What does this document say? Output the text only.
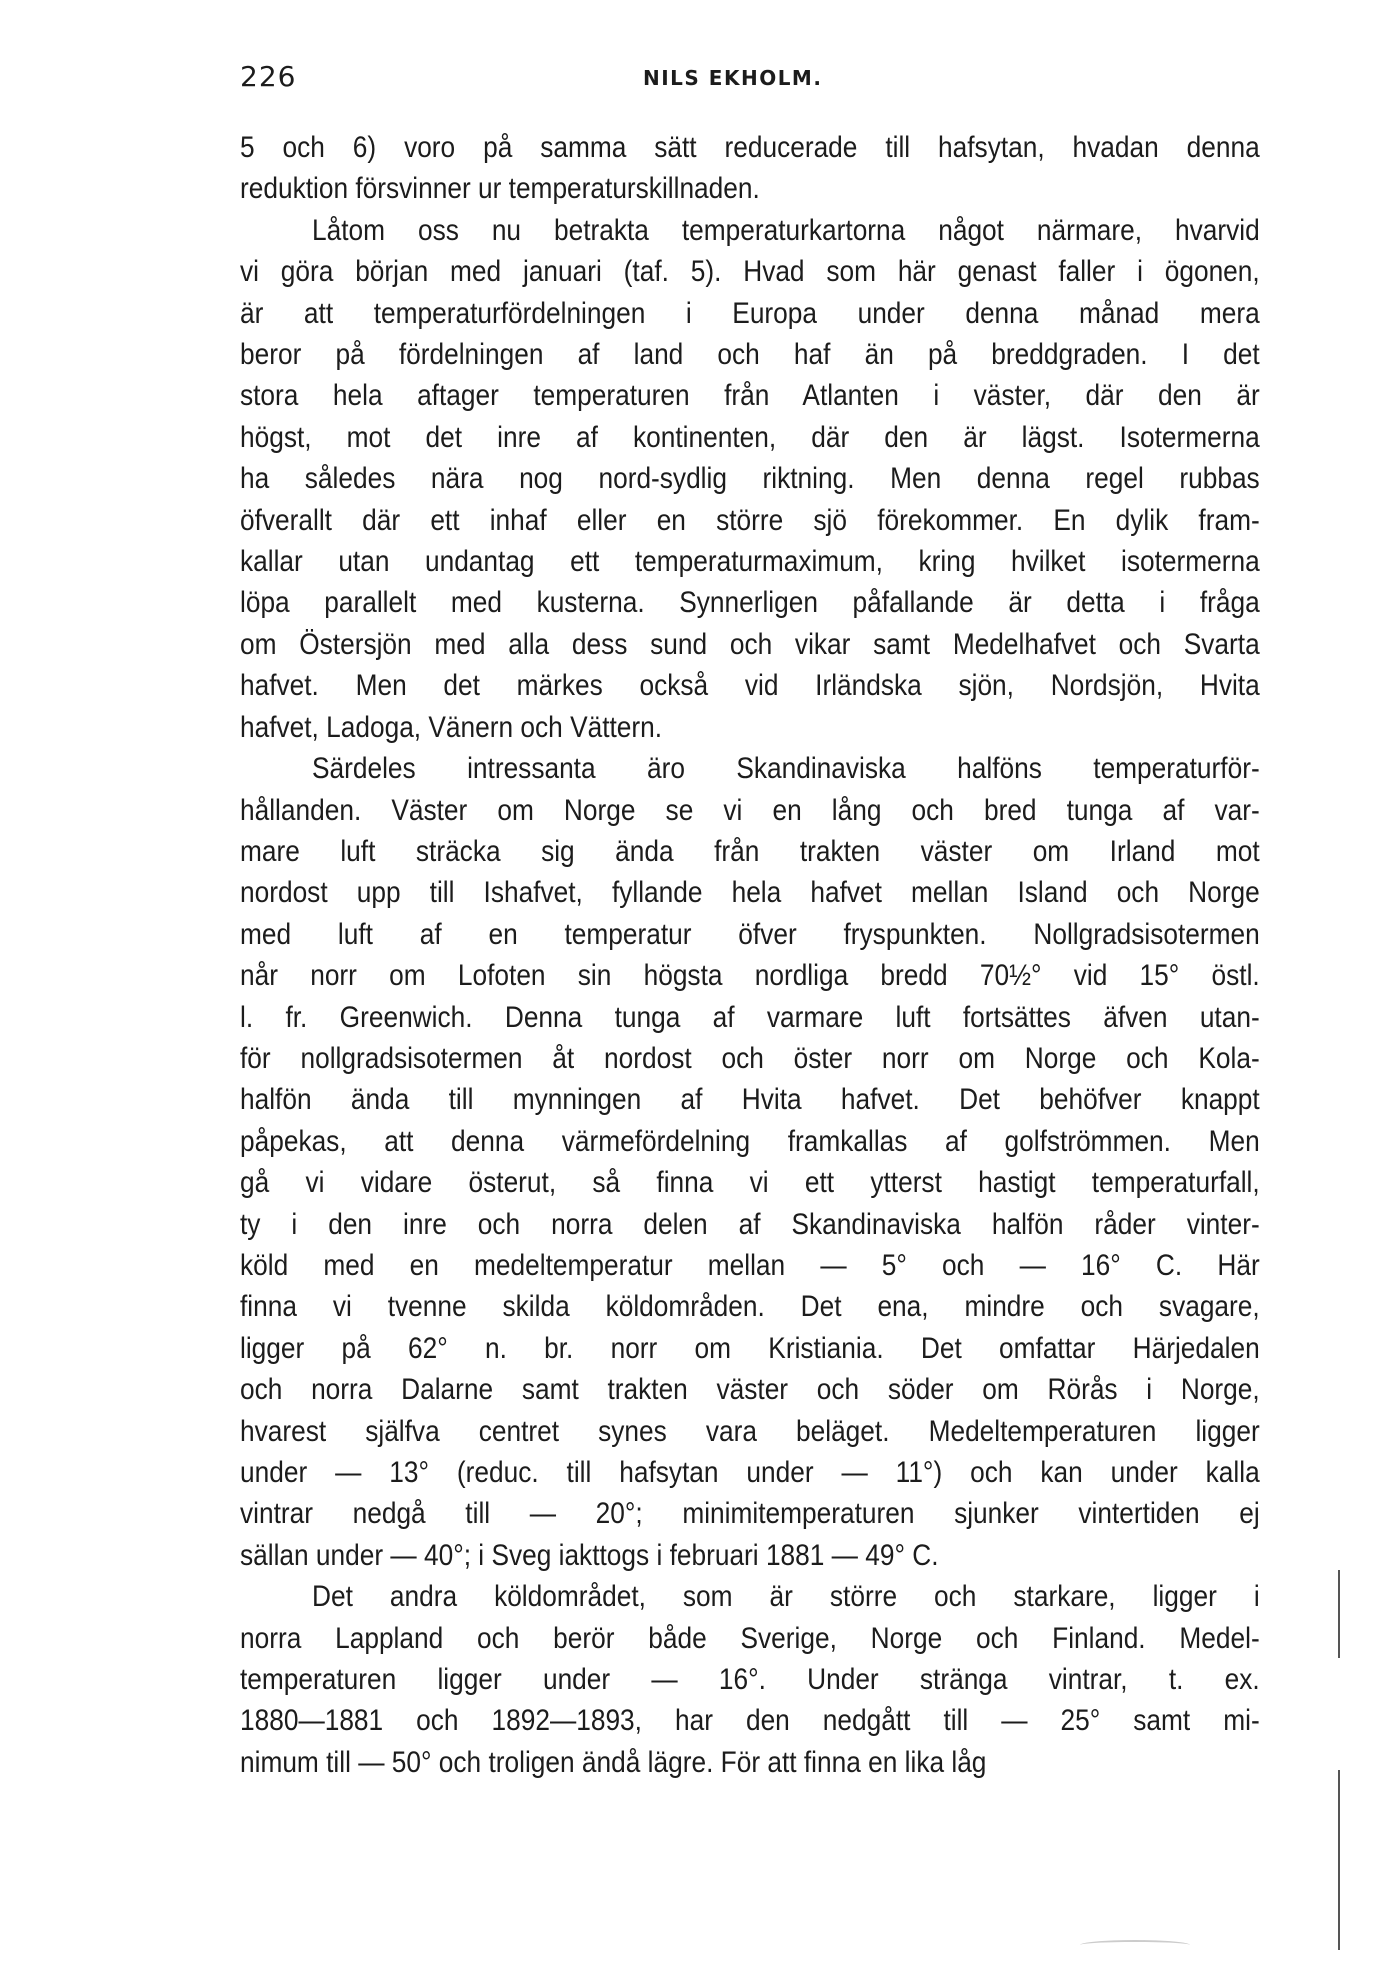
226	NILS EKHOLM.
5 och 6) voro på samma sätt reducerade till hafsytan, hvadan denna
reduktion försvinner ur temperaturskillnaden.
Låtom oss nu betrakta temperaturkartorna något närmare, hvarvid
vi göra början med januari (taf. 5). Hvad som här genast faller i ögonen,
är att temperaturfördelningen i Europa under denna månad mera
beror på fördelningen af land och haf än på breddgraden. I det
stora hela aftager temperaturen från Atlanten i väster, där den är
högst, mot det inre af kontinenten, där den är lägst. Isotermerna
ha således nära nog nord-sydlig riktning. Men denna regel rubbas
öfverallt där ett inhaf eller en större sjö förekommer. En dylik fram-
kallar utan undantag ett temperaturmaximum, kring hvilket isotermerna
löpa parallelt med kusterna. Synnerligen påfallande är detta i fråga
om Östersjön med alla dess sund och vikar samt Medelhafvet och Svarta
hafvet. Men det märkes också vid Irländska sjön, Nordsjön, Hvita
hafvet, Ladoga, Vänern och Vättern.
Särdeles intressanta äro Skandinaviska halföns temperaturför-
hållanden. Väster om Norge se vi en lång och bred tunga af var-
mare luft sträcka sig ända från trakten väster om Irland mot
nordost upp till Ishafvet, fyllande hela hafvet mellan Island och Norge
med luft af en temperatur öfver fryspunkten. Nollgradsisotermen
når norr om Lofoten sin högsta nordliga bredd 70½° vid 15° östl.
l. fr. Greenwich. Denna tunga af varmare luft fortsättes äfven utan-
för nollgradsisotermen åt nordost och öster norr om Norge och Kola-
halfön ända till mynningen af Hvita hafvet. Det behöfver knappt
påpekas, att denna värmefördelning framkallas af golfströmmen. Men
gå vi vidare österut, så finna vi ett ytterst hastigt temperaturfall,
ty i den inre och norra delen af Skandinaviska halfön råder vinter-
köld med en medeltemperatur mellan — 5° och — 16° C. Här
finna vi tvenne skilda köldområden. Det ena, mindre och svagare,
ligger på 62° n. br. norr om Kristiania. Det omfattar Härjedalen
och norra Dalarne samt trakten väster och söder om Rörås i Norge,
hvarest själfva centret synes vara beläget. Medeltemperaturen ligger
under — 13° (reduc. till hafsytan under — 11°) och kan under kalla
vintrar nedgå till — 20°; minimitemperaturen sjunker vintertiden ej
sällan under — 40°; i Sveg iakttogs i februari 1881 — 49° C.
Det andra köldområdet, som är större och starkare, ligger i
norra Lappland och berör både Sverige, Norge och Finland. Medel-
temperaturen ligger under — 16°. Under stränga vintrar, t. ex.
1880—1881 och 1892—1893, har den nedgått till — 25° samt mi-
nimum till — 50° och troligen ändå lägre. För att finna en lika låg
